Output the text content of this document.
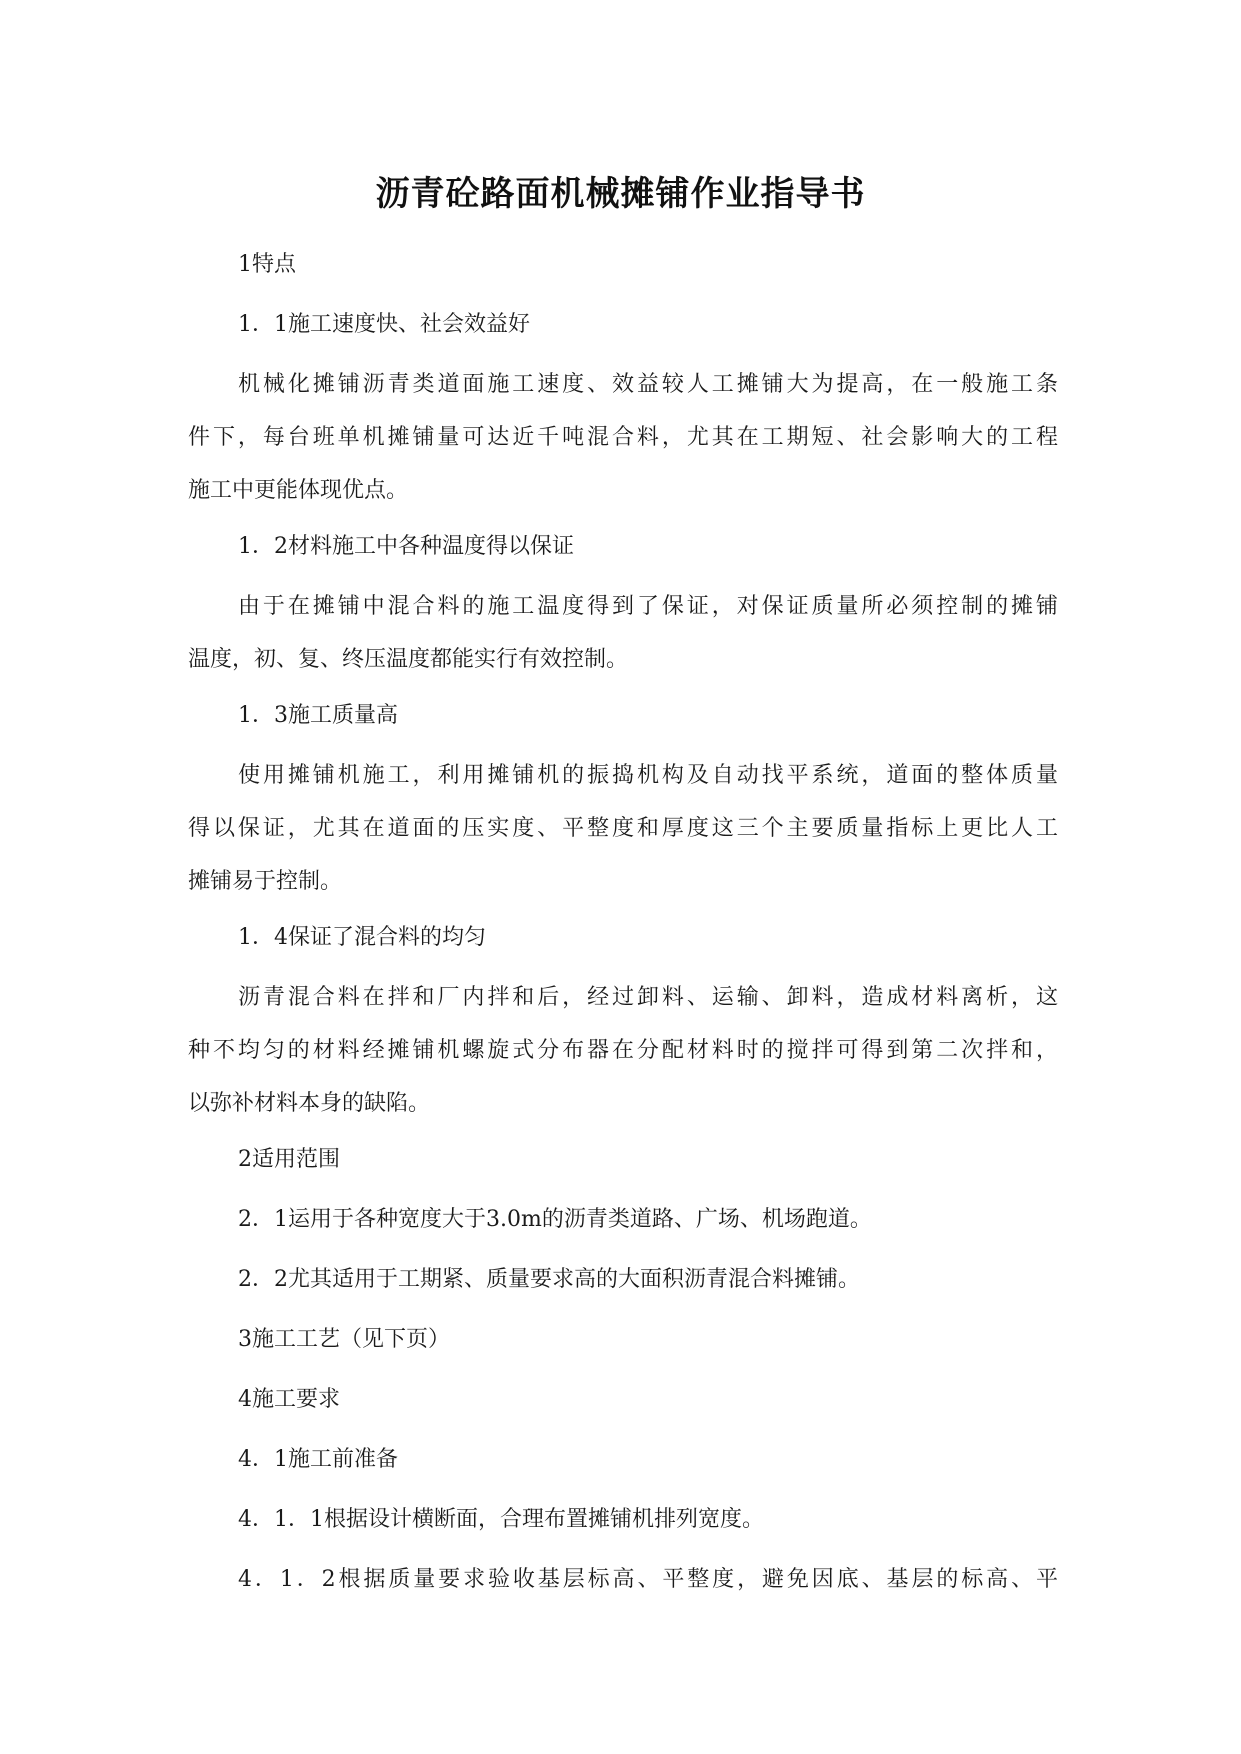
沥青砼路面机械摊铺作业指导书
1特点
1．1施工速度快、社会效益好
机械化摊铺沥青类道面施工速度、效益较人工摊铺大为提高，在一般施工条
件下，每台班单机摊铺量可达近千吨混合料，尤其在工期短、社会影响大的工程
施工中更能体现优点。
1．2材料施工中各种温度得以保证
由于在摊铺中混合料的施工温度得到了保证，对保证质量所必须控制的摊铺
温度，初、复、终压温度都能实行有效控制。
1．3施工质量高
使用摊铺机施工，利用摊铺机的振捣机构及自动找平系统，道面的整体质量
得以保证，尤其在道面的压实度、平整度和厚度这三个主要质量指标上更比人工
摊铺易于控制。
1．4保证了混合料的均匀
沥青混合料在拌和厂内拌和后，经过卸料、运输、卸料，造成材料离析，这
种不均匀的材料经摊铺机螺旋式分布器在分配材料时的搅拌可得到第二次拌和，
以弥补材料本身的缺陷。
2适用范围
2．1运用于各种宽度大于3.0m的沥青类道路、广场、机场跑道。
2．2尤其适用于工期紧、质量要求高的大面积沥青混合料摊铺。
3施工工艺（见下页）
4施工要求
4．1施工前准备
4．1．1根据设计横断面，合理布置摊铺机排列宽度。
4．1．2根据质量要求验收基层标高、平整度，避免因底、基层的标高、平
